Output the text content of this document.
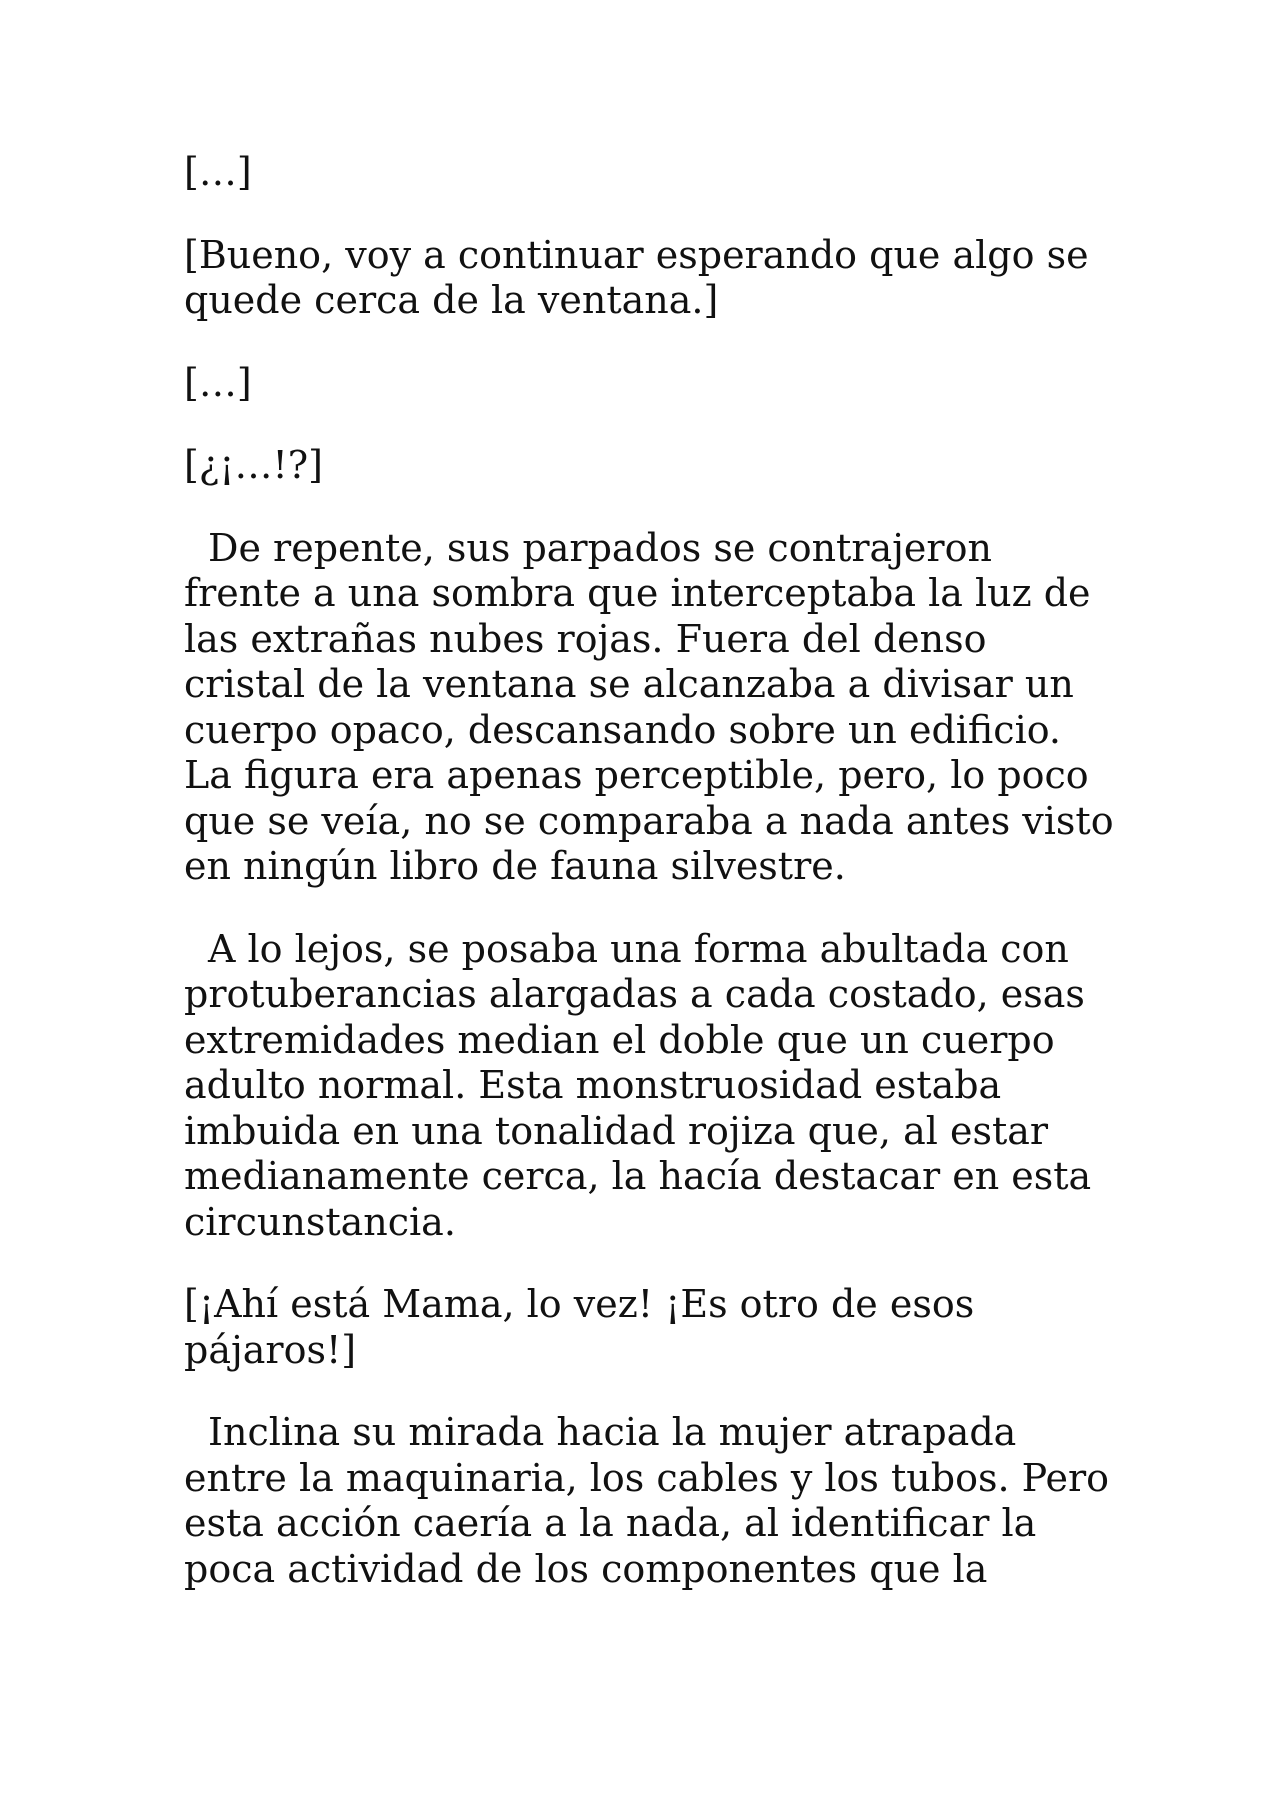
[…]

[Bueno, voy a continuar esperando que algo se quede cerca de la ventana.]

[…]

[¿¡…!?]

De repente, sus parpados se contrajeron frente a una sombra que interceptaba la luz de las extrañas nubes rojas. Fuera del denso cristal de la ventana se alcanzaba a divisar un cuerpo opaco, descansando sobre un edificio. La figura era apenas perceptible, pero, lo poco que se veía, no se comparaba a nada antes visto en ningún libro de fauna silvestre.

A lo lejos, se posaba una forma abultada con protuberancias alargadas a cada costado, esas extremidades median el doble que un cuerpo adulto normal. Esta monstruosidad estaba imbuida en una tonalidad rojiza que, al estar medianamente cerca, la hacía destacar en esta circunstancia.

[¡Ahí está Mama, lo vez! ¡Es otro de esos pájaros!]

Inclina su mirada hacia la mujer atrapada entre la maquinaria, los cables y los tubos. Pero esta acción caería a la nada, al identificar la poca actividad de los componentes que la
